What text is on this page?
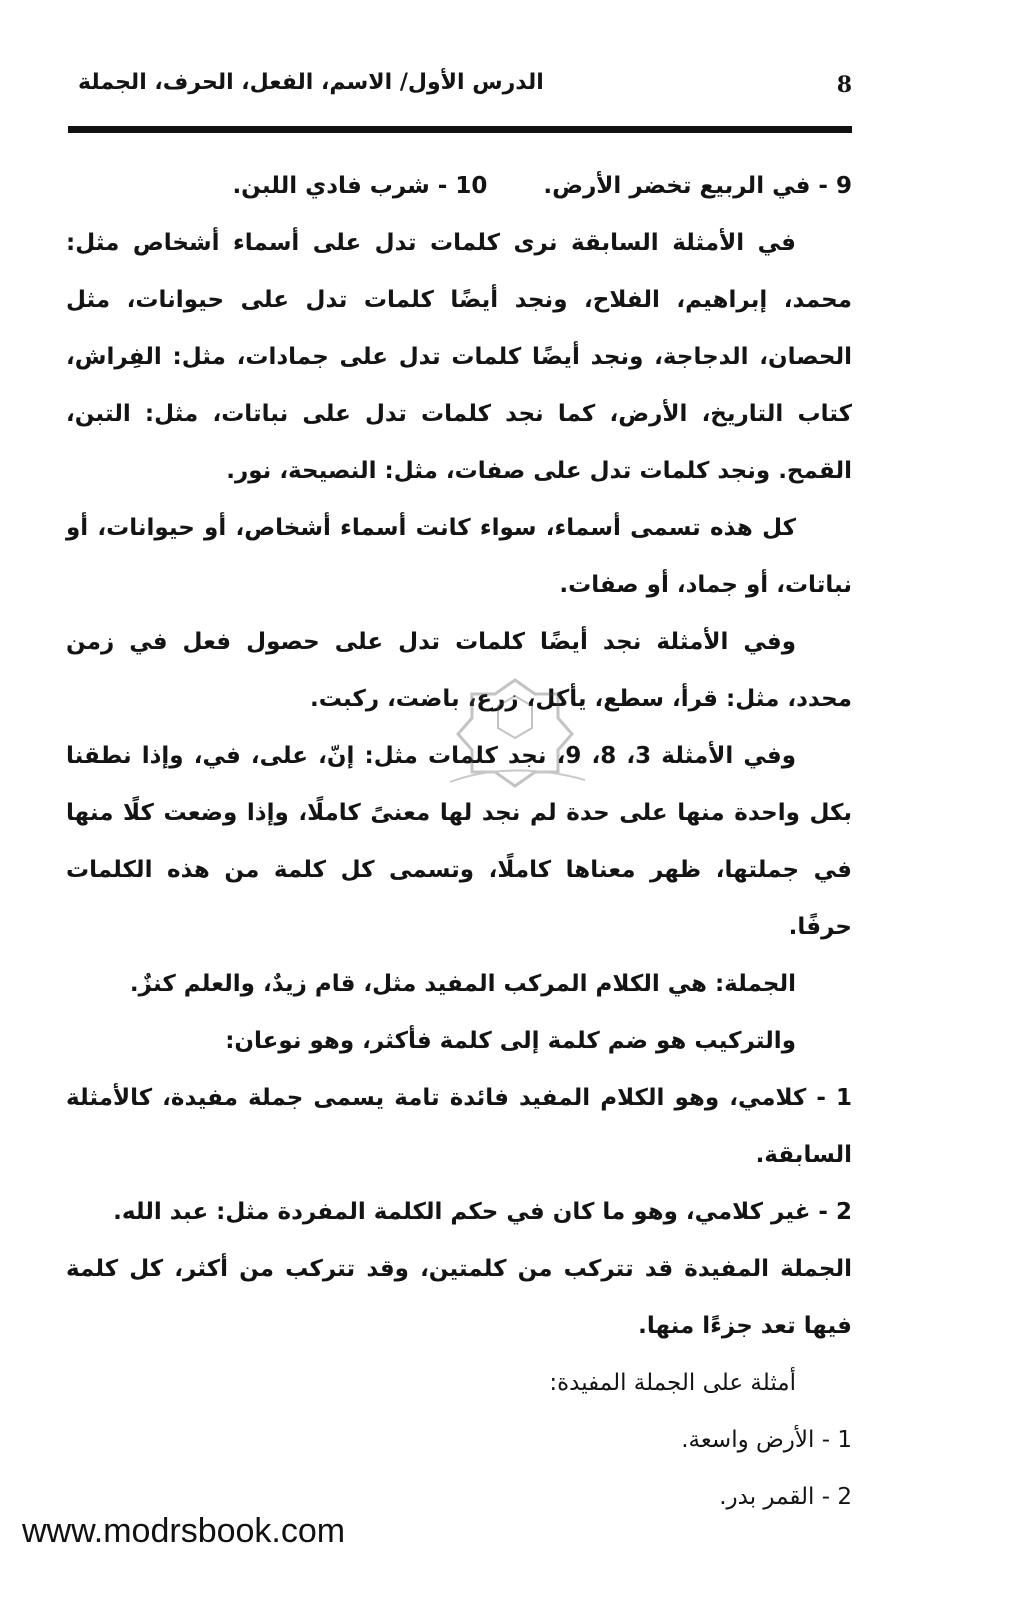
8
الدرس الأول/ الاسم، الفعل، الحرف، الجملة

9 - في الربيع تخضر الأرض.

10 - شرب فادي اللبن.

في الأمثلة السابقة نرى كلمات تدل على أسماء أشخاص مثل: محمد، إبراهيم، الفلاح، ونجد أيضًا كلمات تدل على حيوانات، مثل الحصان، الدجاجة، ونجد أيضًا كلمات تدل على جمادات، مثل: الفِراش، كتاب التاريخ، الأرض، كما نجد كلمات تدل على نباتات، مثل: التبن، القمح. ونجد كلمات تدل على صفات، مثل: النصيحة، نور.

كل هذه تسمى أسماء، سواء كانت أسماء أشخاص، أو حيوانات، أو نباتات، أو جماد، أو صفات.

وفي الأمثلة نجد أيضًا كلمات تدل على حصول فعل في زمن محدد، مثل: قرأ، سطع، يأكل، زرع، باضت، ركبت.

وفي الأمثلة 3، 8، 9، نجد كلمات مثل: إنّ، على، في، وإذا نطقنا بكل واحدة منها على حدة لم نجد لها معنىً كاملًا، وإذا وضعت كلًا منها في جملتها، ظهر معناها كاملًا، وتسمى كل كلمة من هذه الكلمات حرفًا.

الجملة: هي الكلام المركب المفيد مثل، قام زيدٌ، والعلم كنزٌ.

والتركيب هو ضم كلمة إلى كلمة فأكثر، وهو نوعان:

1 - كلامي، وهو الكلام المفيد فائدة تامة يسمى جملة مفيدة، كالأمثلة السابقة.

2 - غير كلامي، وهو ما كان في حكم الكلمة المفردة مثل: عبد الله.

الجملة المفيدة قد تتركب من كلمتين، وقد تتركب من أكثر، كل كلمة فيها تعد جزءًا منها.

أمثلة على الجملة المفيدة:

1 - الأرض واسعة.

2 - القمر بدر.

www.modrsbook.com
